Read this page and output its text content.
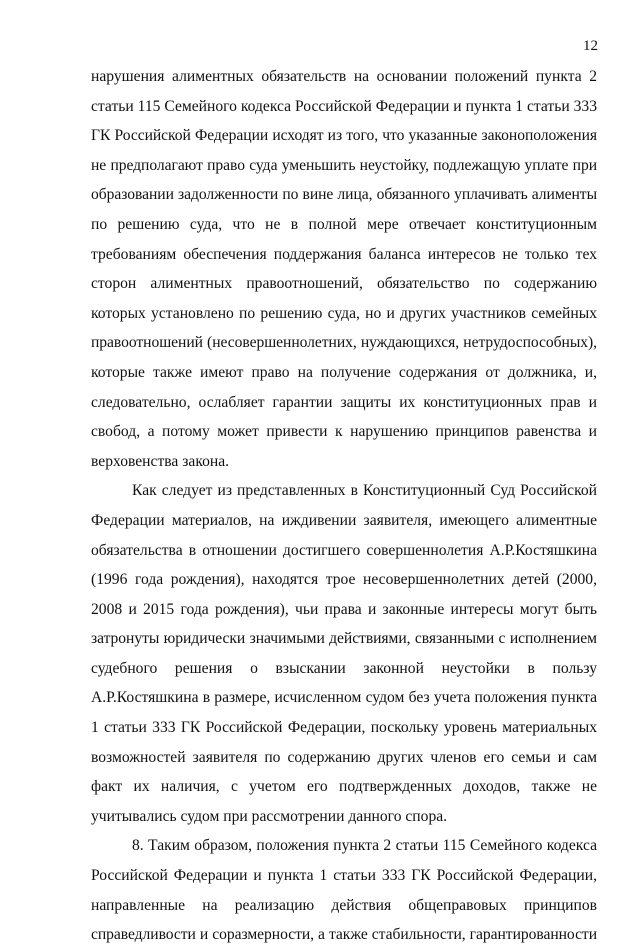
12
нарушения алиментных обязательств на основании положений пункта 2
статьи 115 Семейного кодекса Российской Федерации и пункта 1 статьи 333
ГК Российской Федерации исходят из того, что указанные законоположения
не предполагают право суда уменьшить неустойку, подлежащую уплате при
образовании задолженности по вине лица, обязанного уплачивать алименты
по решению суда, что не в полной мере отвечает конституционным
требованиям обеспечения поддержания баланса интересов не только тех
сторон алиментных правоотношений, обязательство по содержанию
которых установлено по решению суда, но и других участников семейных
правоотношений (несовершеннолетних, нуждающихся, нетрудоспособных),
которые также имеют право на получение содержания от должника, и,
следовательно, ослабляет гарантии защиты их конституционных прав и
свобод, а потому может привести к нарушению принципов равенства и
верховенства закона.
Как следует из представленных в Конституционный Суд Российской
Федерации материалов, на иждивении заявителя, имеющего алиментные
обязательства в отношении достигшего совершеннолетия А.Р.Костяшкина
(1996 года рождения), находятся трое несовершеннолетних детей (2000,
2008 и 2015 года рождения), чьи права и законные интересы могут быть
затронуты юридически значимыми действиями, связанными с исполнением
судебного решения о взыскании законной неустойки в пользу
А.Р.Костяшкина в размере, исчисленном судом без учета положения пункта
1 статьи 333 ГК Российской Федерации, поскольку уровень материальных
возможностей заявителя по содержанию других членов его семьи и сам
факт их наличия, с учетом его подтвержденных доходов, также не
учитывались судом при рассмотрении данного спора.
8. Таким образом, положения пункта 2 статьи 115 Семейного кодекса
Российской Федерации и пункта 1 статьи 333 ГК Российской Федерации,
направленные на реализацию действия общеправовых принципов
справедливости и соразмерности, а также стабильности, гарантированности
